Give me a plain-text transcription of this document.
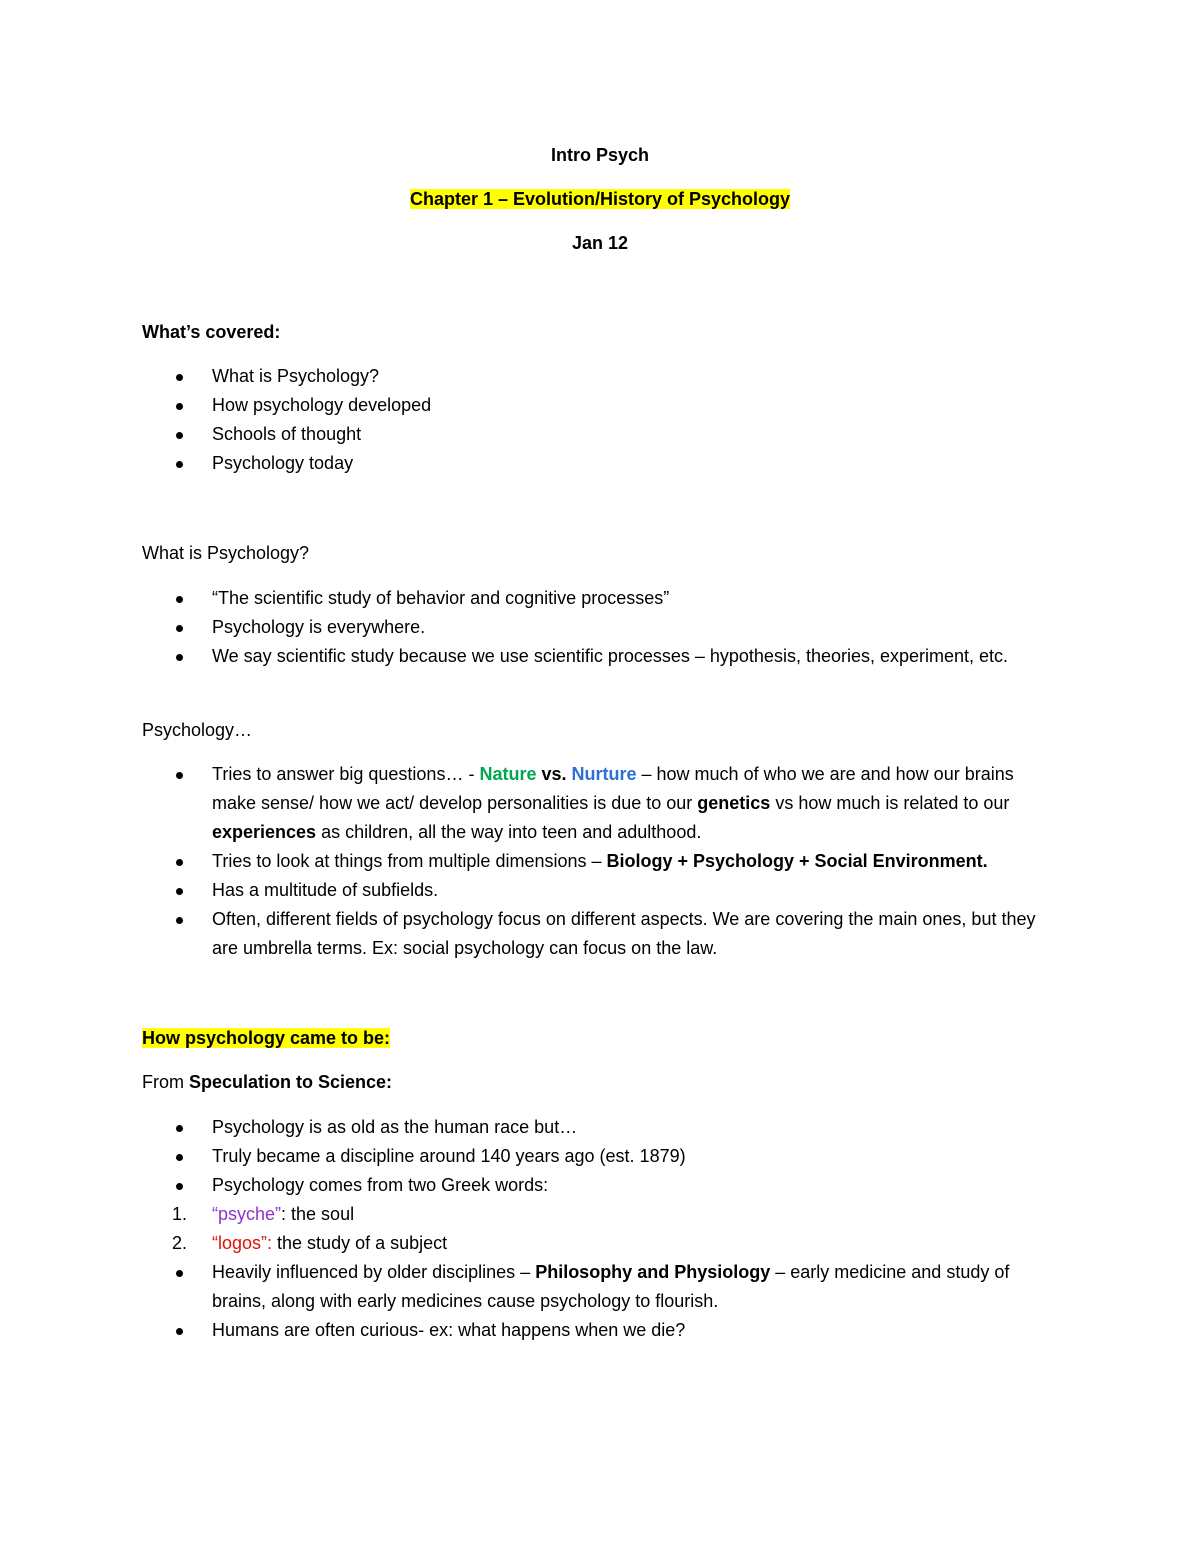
Intro Psych
Chapter 1 – Evolution/History of Psychology
Jan 12
What’s covered:
What is Psychology?
How psychology developed
Schools of thought
Psychology today
What is Psychology?
“The scientific study of behavior and cognitive processes”
Psychology is everywhere.
We say scientific study because we use scientific processes – hypothesis, theories, experiment, etc.
Psychology…
Tries to answer big questions… - Nature vs. Nurture – how much of who we are and how our brains make sense/ how we act/ develop personalities is due to our genetics vs how much is related to our experiences as children, all the way into teen and adulthood.
Tries to look at things from multiple dimensions – Biology + Psychology + Social Environment.
Has a multitude of subfields.
Often, different fields of psychology focus on different aspects. We are covering the main ones, but they are umbrella terms. Ex: social psychology can focus on the law.
How psychology came to be:
From Speculation to Science:
Psychology is as old as the human race but…
Truly became a discipline around 140 years ago (est. 1879)
Psychology comes from two Greek words:
1.	“psyche”: the soul
2.	“logos”: the study of a subject
Heavily influenced by older disciplines – Philosophy and Physiology – early medicine and study of brains, along with early medicines cause psychology to flourish.
Humans are often curious- ex: what happens when we die?
